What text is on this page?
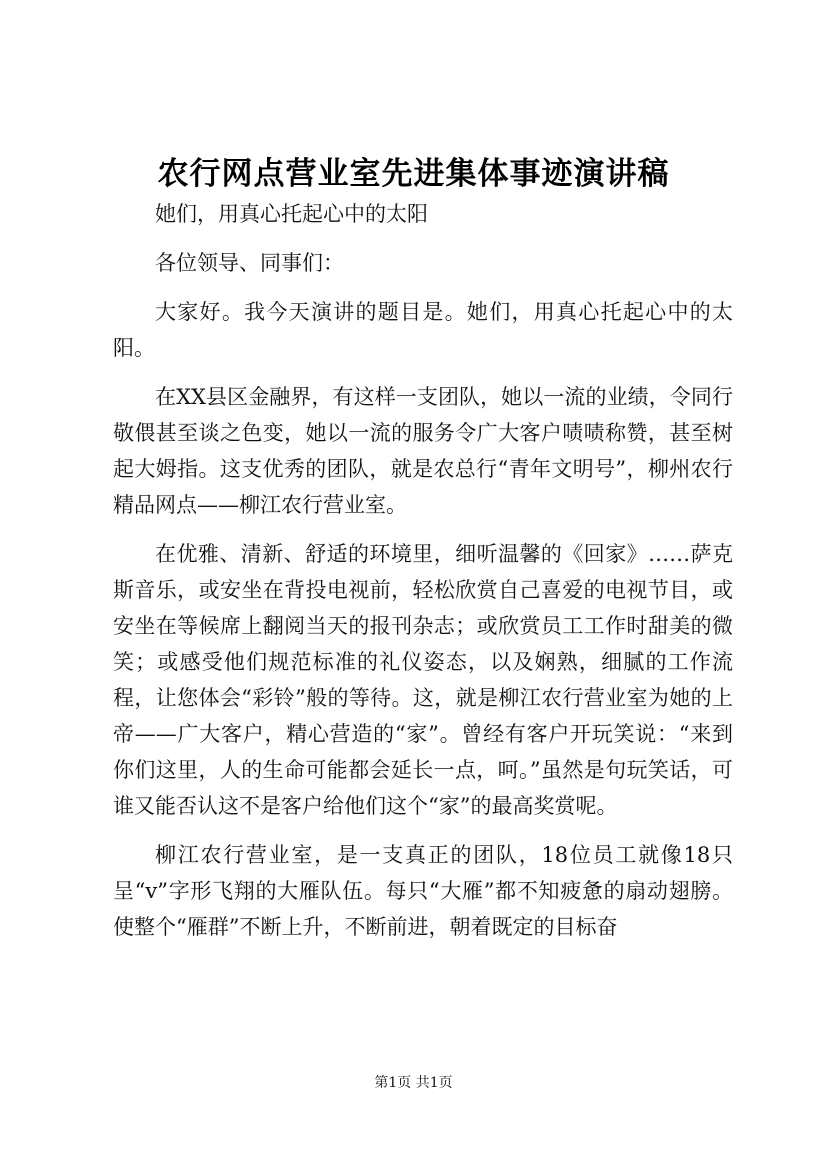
农行网点营业室先进集体事迹演讲稿

她们，用真心托起心中的太阳

各位领导、同事们：

大家好。我今天演讲的题目是。她们，用真心托起心中的太阳。

在XX县区金融界，有这样一支团队，她以一流的业绩，令同行敬偎甚至谈之色变，她以一流的服务令广大客户啧啧称赞，甚至树起大姆指。这支优秀的团队，就是农总行“青年文明号”，柳州农行精品网点——柳江农行营业室。

在优雅、清新、舒适的环境里，细听温馨的《回家》……萨克斯音乐，或安坐在背投电视前，轻松欣赏自己喜爱的电视节目，或安坐在等候席上翻阅当天的报刊杂志；或欣赏员工工作时甜美的微笑；或感受他们规范标准的礼仪姿态，以及娴熟，细腻的工作流程，让您体会“彩铃”般的等待。这，就是柳江农行营业室为她的上帝——广大客户，精心营造的“家”。曾经有客户开玩笑说：“来到你们这里，人的生命可能都会延长一点，呵。”虽然是句玩笑话，可谁又能否认这不是客户给他们这个“家”的最高奖赏呢。

柳江农行营业室，是一支真正的团队，18位员工就像18只呈“v”字形飞翔的大雁队伍。每只“大雁”都不知疲惫的扇动翅膀。使整个“雁群”不断上升，不断前进，朝着既定的目标奋

第1页 共1页
